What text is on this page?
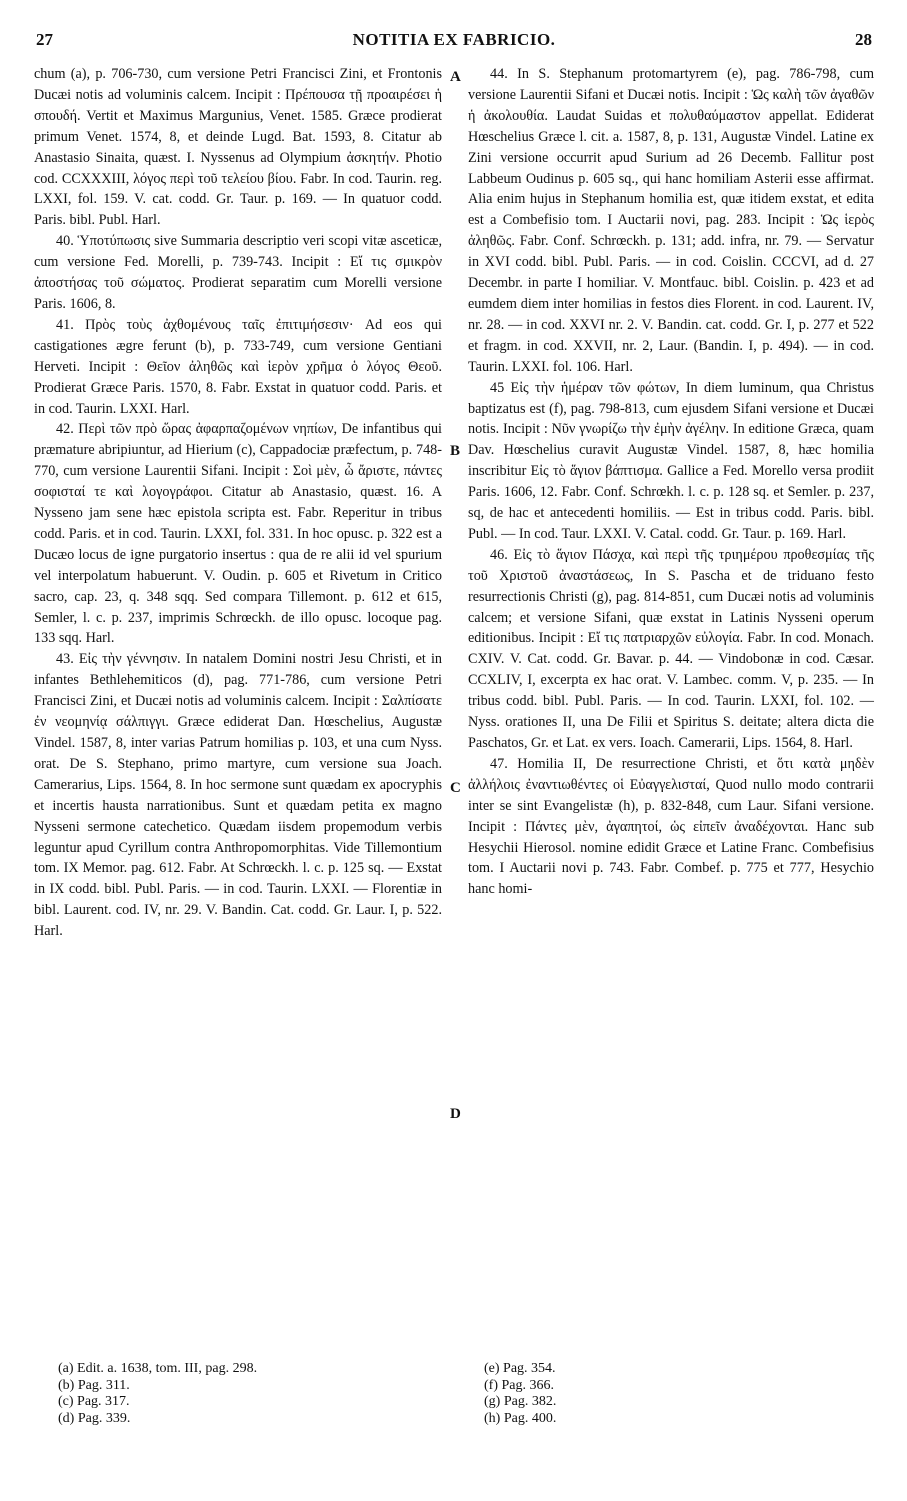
27	NOTITIA EX FABRICIO.	28

chum (a), p. 706-730, cum versione Petri Francisci Zini, et Frontonis Ducæi notis ad voluminis calcem. Incipit : Πρέπουσα τῇ προαιρέσει ἡ σπουδή. Vertit et Maximus Margunius, Venet. 1585. Græce prodierat primum Venet. 1574, 8, et deinde Lugd. Bat. 1593, 8. Citatur ab Anastasio Sinaita, quæst. I. Nyssenus ad Olympium ἀσκητήν. Photio cod. CCXXXIII, λόγος περὶ τοῦ τελείου βίου. Fabr. In cod. Taurin. reg. LXXI, fol. 159. V. cat. codd. Gr. Taur. p. 169. — In quatuor codd. Paris. bibl. Publ. Harl.

40. Ὑποτύπωσις sive Summaria descriptio veri scopi vitæ asceticæ, cum versione Fed. Morelli, p. 739-743. Incipit : Εἴ τις σμικρὸν ἀποστήσας τοῦ σώματος. Prodierat separatim cum Morelli versione Paris. 1606, 8.

41. Πρὸς τοὺς ἀχθομένους ταῖς ἐπιτιμήσεσιν· Ad eos qui castigationes ægre ferunt (b), p. 733-749, cum versione Gentiani Herveti. Incipit : Θεῖον ἀληθῶς καὶ ἱερὸν χρῆμα ὁ λόγος Θεοῦ. Prodierat Græce Paris. 1570, 8. Fabr. Exstat in quatuor codd. Paris. et in cod. Taurin. LXXI. Harl.

42. Περὶ τῶν πρὸ ὥρας ἀφαρπαζομένων νηπίων, De infantibus qui præmature abripiuntur, ad Hierium (c), Cappadociæ præfectum, p. 748-770, cum versione Laurentii Sifani. Incipit : Σοὶ μὲν, ὦ ἄριστε, πάντες σοφισταί τε καὶ λογογράφοι. Citatur ab Anastasio, quæst. 16. A Nysseno jam sene hæc epistola scripta est. Fabr. Reperitur in tribus codd. Paris. et in cod. Taurin. LXXI, fol. 331. In hoc opusc. p. 322 est a Ducæo locus de igne purgatorio insertus : qua de re alii id vel spurium vel interpolatum habuerunt. V. Oudin. p. 605 et Rivetum in Critico sacro, cap. 23, q. 348 sqq. Sed compara Tillemont. p. 612 et 615, Semler, l. c. p. 237, imprimis Schrœckh. de illo opusc. locoque pag. 133 sqq. Harl.

43. Εἰς τὴν γέννησιν. In natalem Domini nostri Jesu Christi, et in infantes Bethlehemiticos (d), pag. 771-786, cum versione Petri Francisci Zini, et Ducæi notis ad voluminis calcem. Incipit : Σαλπίσατε ἐν νεομηνίᾳ σάλπιγγι. Græce ediderat Dan. Hœschelius, Augustæ Vindel. 1587, 8, inter varias Patrum homilias p. 103, et una cum Nyss. orat. De S. Stephano, primo martyre, cum versione sua Joach. Camerarius, Lips. 1564, 8. In hoc sermone sunt quædam ex apocryphis et incertis hausta narrationibus. Sunt et quædam petita ex magno Nysseni sermone catechetico. Quædam iisdem propemodum verbis leguntur apud Cyrillum contra Anthropomorphitas. Vide Tillemontium tom. IX Memor. pag. 612. Fabr. At Schrœckh. l. c. p. 125 sq. — Exstat in IX codd. bibl. Publ. Paris. — in cod. Taurin. LXXI. — Florentiæ in bibl. Laurent. cod. IV, nr. 29. V. Bandin. Cat. codd. Gr. Laur. I, p. 522. Harl.

44. In S. Stephanum protomartyrem (e), pag. 786-798, cum versione Laurentii Sifani et Ducæi notis. Incipit : Ὡς καλὴ τῶν ἀγαθῶν ἡ ἀκολουθία. Laudat Suidas et πολυθαύμαστον appellat. Ediderat Hœschelius Græce l. cit. a. 1587, 8, p. 131, Augustæ Vindel. Latine ex Zini versione occurrit apud Surium ad 26 Decemb. Fallitur post Labbeum Oudinus p. 605 sq., qui hanc homiliam Asterii esse affirmat. Alia enim hujus in Stephanum homilia est, quæ itidem exstat, et edita est a Combefisio tom. I Auctarii novi, pag. 283. Incipit : Ὡς ἱερὸς ἀληθῶς. Fabr. Conf. Schrœckh. p. 131; add. infra, nr. 79. — Servatur in XVI codd. bibl. Publ. Paris. — in cod. Coislin. CCCVI, ad d. 27 Decembr. in parte I homiliar. V. Montfauc. bibl. Coislin. p. 423 et ad eumdem diem inter homilias in festos dies Florent. in cod. Laurent. IV, nr. 28. — in cod. XXVI nr. 2. V. Bandin. cat. codd. Gr. I, p. 277 et 522 et fragm. in cod. XXVII, nr. 2, Laur. (Bandin. I, p. 494). — in cod. Taurin. LXXI. fol. 106. Harl.

45 Εἰς τὴν ἡμέραν τῶν φώτων, In diem luminum, qua Christus baptizatus est (f), pag. 798-813, cum ejusdem Sifani versione et Ducæi notis. Incipit : Νῦν γνωρίζω τὴν ἐμὴν ἀγέλην. In editione Græca, quam Dav. Hœschelius curavit Augustæ Vindel. 1587, 8, hæc homilia inscribitur Εἰς τὸ ἅγιον βάπτισμα. Gallice a Fed. Morello versa prodiit Paris. 1606, 12. Fabr. Conf. Schrœkh. l. c. p. 128 sq. et Semler. p. 237, sq, de hac et antecedenti homiliis. — Est in tribus codd. Paris. bibl. Publ. — In cod. Taur. LXXI. V. Catal. codd. Gr. Taur. p. 169. Harl.

46. Εἰς τὸ ἅγιον Πάσχα, καὶ περὶ τῆς τριημέρου προθεσμίας τῆς τοῦ Χριστοῦ ἀναστάσεως, In S. Pascha et de triduano festo resurrectionis Christi (g), pag. 814-851, cum Ducæi notis ad voluminis calcem; et versione Sifani, quæ exstat in Latinis Nysseni operum editionibus. Incipit : Εἴ τις πατριαρχῶν εὐλογία. Fabr. In cod. Monach. CXIV. V. Cat. codd. Gr. Bavar. p. 44. — Vindobonæ in cod. Cæsar. CCXLIV, I, excerpta ex hac orat. V. Lambec. comm. V, p. 235. — In tribus codd. bibl. Publ. Paris. — In cod. Taurin. LXXI, fol. 102. — Nyss. orationes II, una De Filii et Spiritus S. deitate; altera dicta die Paschatos, Gr. et Lat. ex vers. Ioach. Camerarii, Lips. 1564, 8. Harl.

47. Homilia II, De resurrectione Christi, et ὅτι κατὰ μηδὲν ἀλλήλοις ἐναντιωθέντες οἱ Εὐαγγελισταί, Quod nullo modo contrarii inter se sint Evangelistæ (h), p. 832-848, cum Laur. Sifani versione. Incipit : Πάντες μὲν, ἀγαπητοί, ὡς εἰπεῖν ἀναδέχονται. Hanc sub Hesychii Hierosol. nomine edidit Græce et Latine Franc. Combefisius tom. I Auctarii novi p. 743. Fabr. Combef. p. 775 et 777, Hesychio hanc homi-

A
B
C
D
(a) Edit. a. 1638, tom. III, pag. 298.
(b) Pag. 311.
(c) Pag. 317.
(d) Pag. 339.
(e) Pag. 354.
(f) Pag. 366.
(g) Pag. 382.
(h) Pag. 400.
